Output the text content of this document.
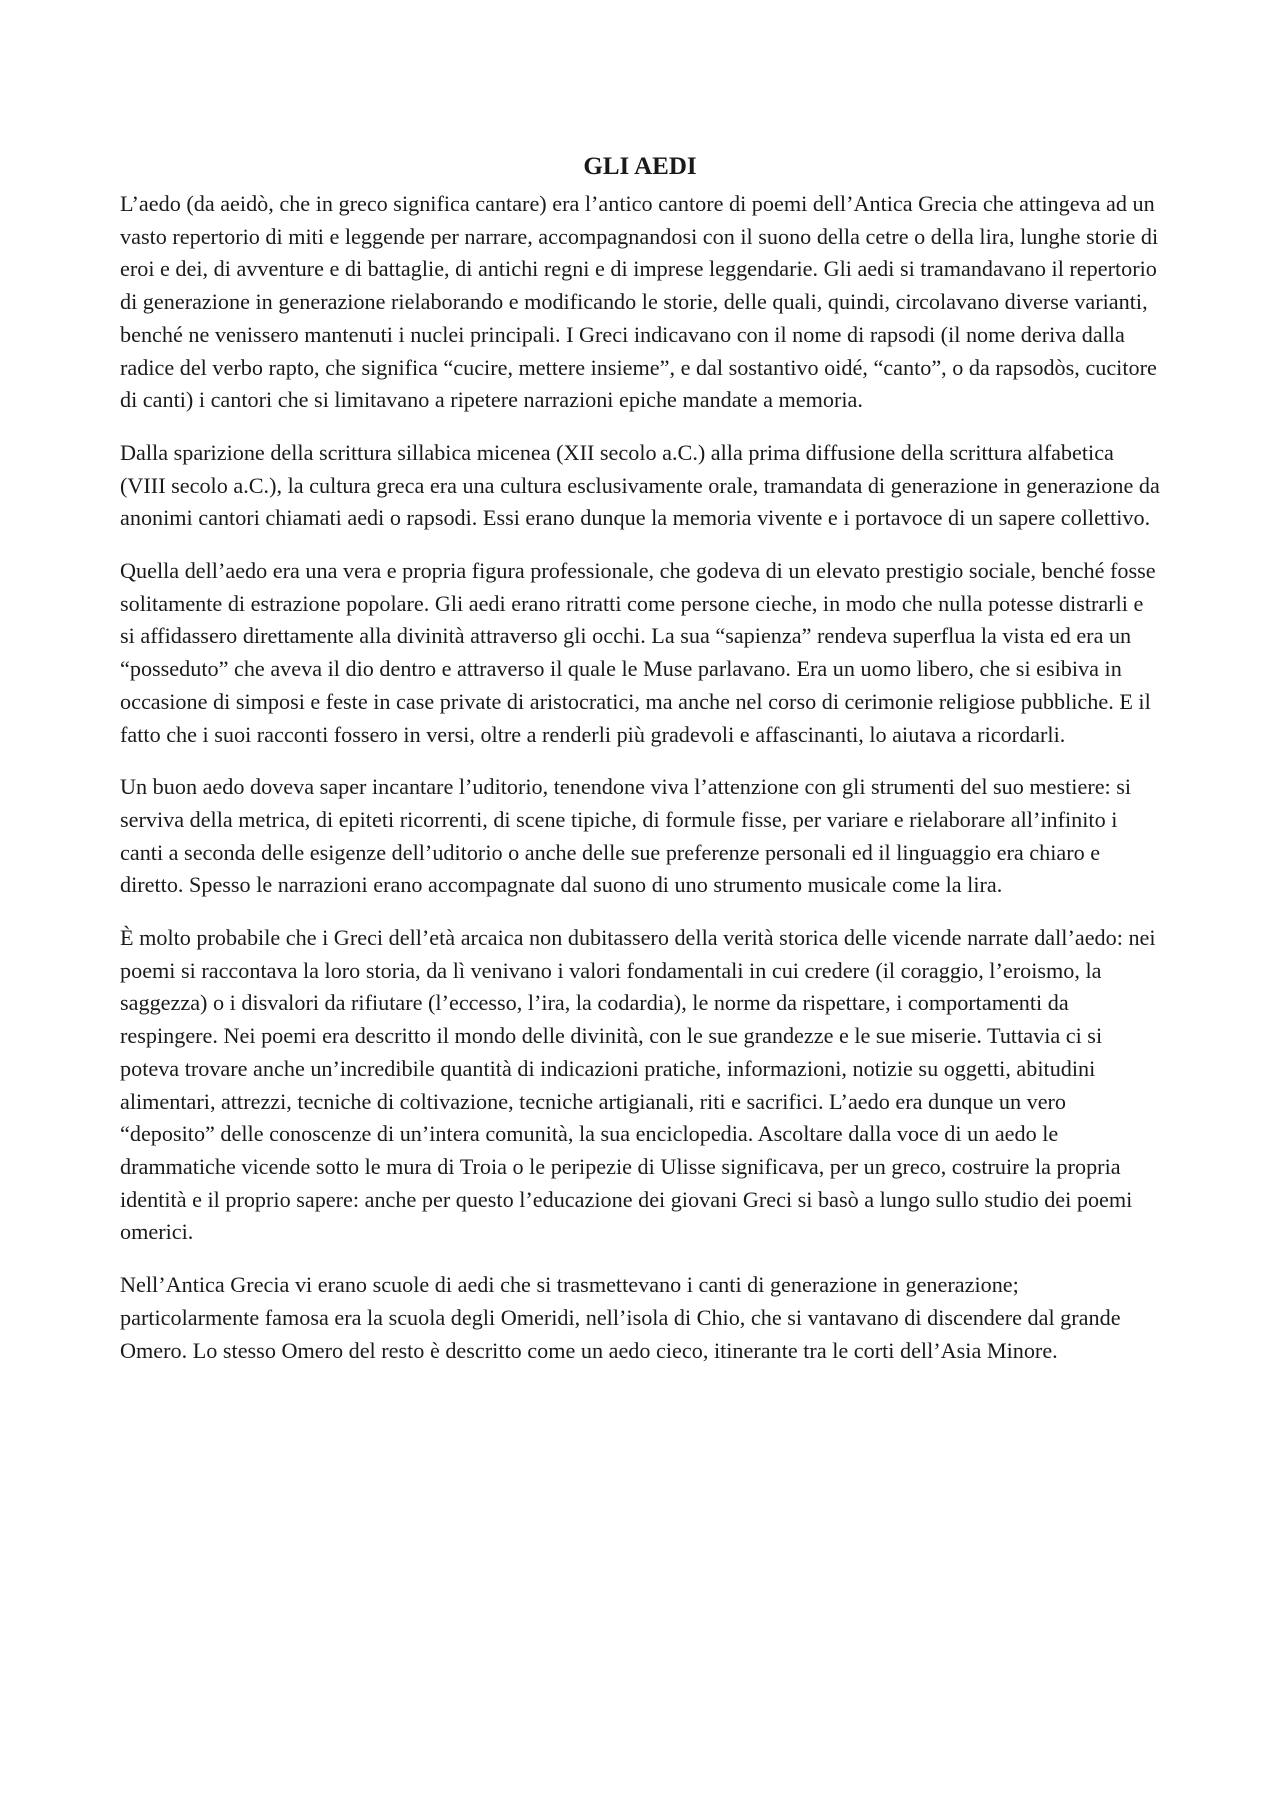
GLI AEDI

L’aedo (da aeidò, che in greco significa cantare) era l’antico cantore di poemi dell’Antica Grecia che attingeva ad un vasto repertorio di miti e leggende per narrare, accompagnandosi con il suono della cetre o della lira, lunghe storie di eroi e dei, di avventure e di battaglie, di antichi regni e di imprese leggendarie. Gli aedi si tramandavano il repertorio di generazione in generazione rielaborando e modificando le storie, delle quali, quindi, circolavano diverse varianti, benché ne venissero mantenuti i nuclei principali. I Greci indicavano con il nome di rapsodi (il nome deriva dalla radice del verbo rapto, che significa “cucire, mettere insieme”, e dal sostantivo oidé, “canto”, o da rapsodòs, cucitore di canti) i cantori che si limitavano a ripetere narrazioni epiche mandate a memoria.

Dalla sparizione della scrittura sillabica micenea (XII secolo a.C.) alla prima diffusione della scrittura alfabetica (VIII secolo a.C.), la cultura greca era una cultura esclusivamente orale, tramandata di generazione in generazione da anonimi cantori chiamati aedi o rapsodi. Essi erano dunque la memoria vivente e i portavoce di un sapere collettivo.

Quella dell’aedo era una vera e propria figura professionale, che godeva di un elevato prestigio sociale, benché fosse solitamente di estrazione popolare. Gli aedi erano ritratti come persone cieche, in modo che nulla potesse distrarli e si affidassero direttamente alla divinità attraverso gli occhi. La sua “sapienza” rendeva superflua la vista ed era un “posseduto” che aveva il dio dentro e attraverso il quale le Muse parlavano. Era un uomo libero, che si esibiva in occasione di simposi e feste in case private di aristocratici, ma anche nel corso di cerimonie religiose pubbliche. E il fatto che i suoi racconti fossero in versi, oltre a renderli più gradevoli e affascinanti, lo aiutava a ricordarli.

Un buon aedo doveva saper incantare l’uditorio, tenendone viva l’attenzione con gli strumenti del suo mestiere: si serviva della metrica, di epiteti ricorrenti, di scene tipiche, di formule fisse, per variare e rielaborare all’infinito i canti a seconda delle esigenze dell’uditorio o anche delle sue preferenze personali ed il linguaggio era chiaro e diretto. Spesso le narrazioni erano accompagnate dal suono di uno strumento musicale come la lira.

È molto probabile che i Greci dell’età arcaica non dubitassero della verità storica delle vicende narrate dall’aedo: nei poemi si raccontava la loro storia, da lì venivano i valori fondamentali in cui credere (il coraggio, l’eroismo, la saggezza) o i disvalori da rifiutare (l’eccesso, l’ira, la codardia), le norme da rispettare, i comportamenti da respingere. Nei poemi era descritto il mondo delle divinità, con le sue grandezze e le sue miserie. Tuttavia ci si poteva trovare anche un’incredibile quantità di indicazioni pratiche, informazioni, notizie su oggetti, abitudini alimentari, attrezzi, tecniche di coltivazione, tecniche artigianali, riti e sacrifici. L’aedo era dunque un vero “deposito” delle conoscenze di un’intera comunità, la sua enciclopedia. Ascoltare dalla voce di un aedo le drammatiche vicende sotto le mura di Troia o le peripezie di Ulisse significava, per un greco, costruire la propria identità e il proprio sapere: anche per questo l’educazione dei giovani Greci si basò a lungo sullo studio dei poemi omerici.

Nell’Antica Grecia vi erano scuole di aedi che si trasmettevano i canti di generazione in generazione; particolarmente famosa era la scuola degli Omeridi, nell’isola di Chio, che si vantavano di discendere dal grande Omero. Lo stesso Omero del resto è descritto come un aedo cieco, itinerante tra le corti dell’Asia Minore.
